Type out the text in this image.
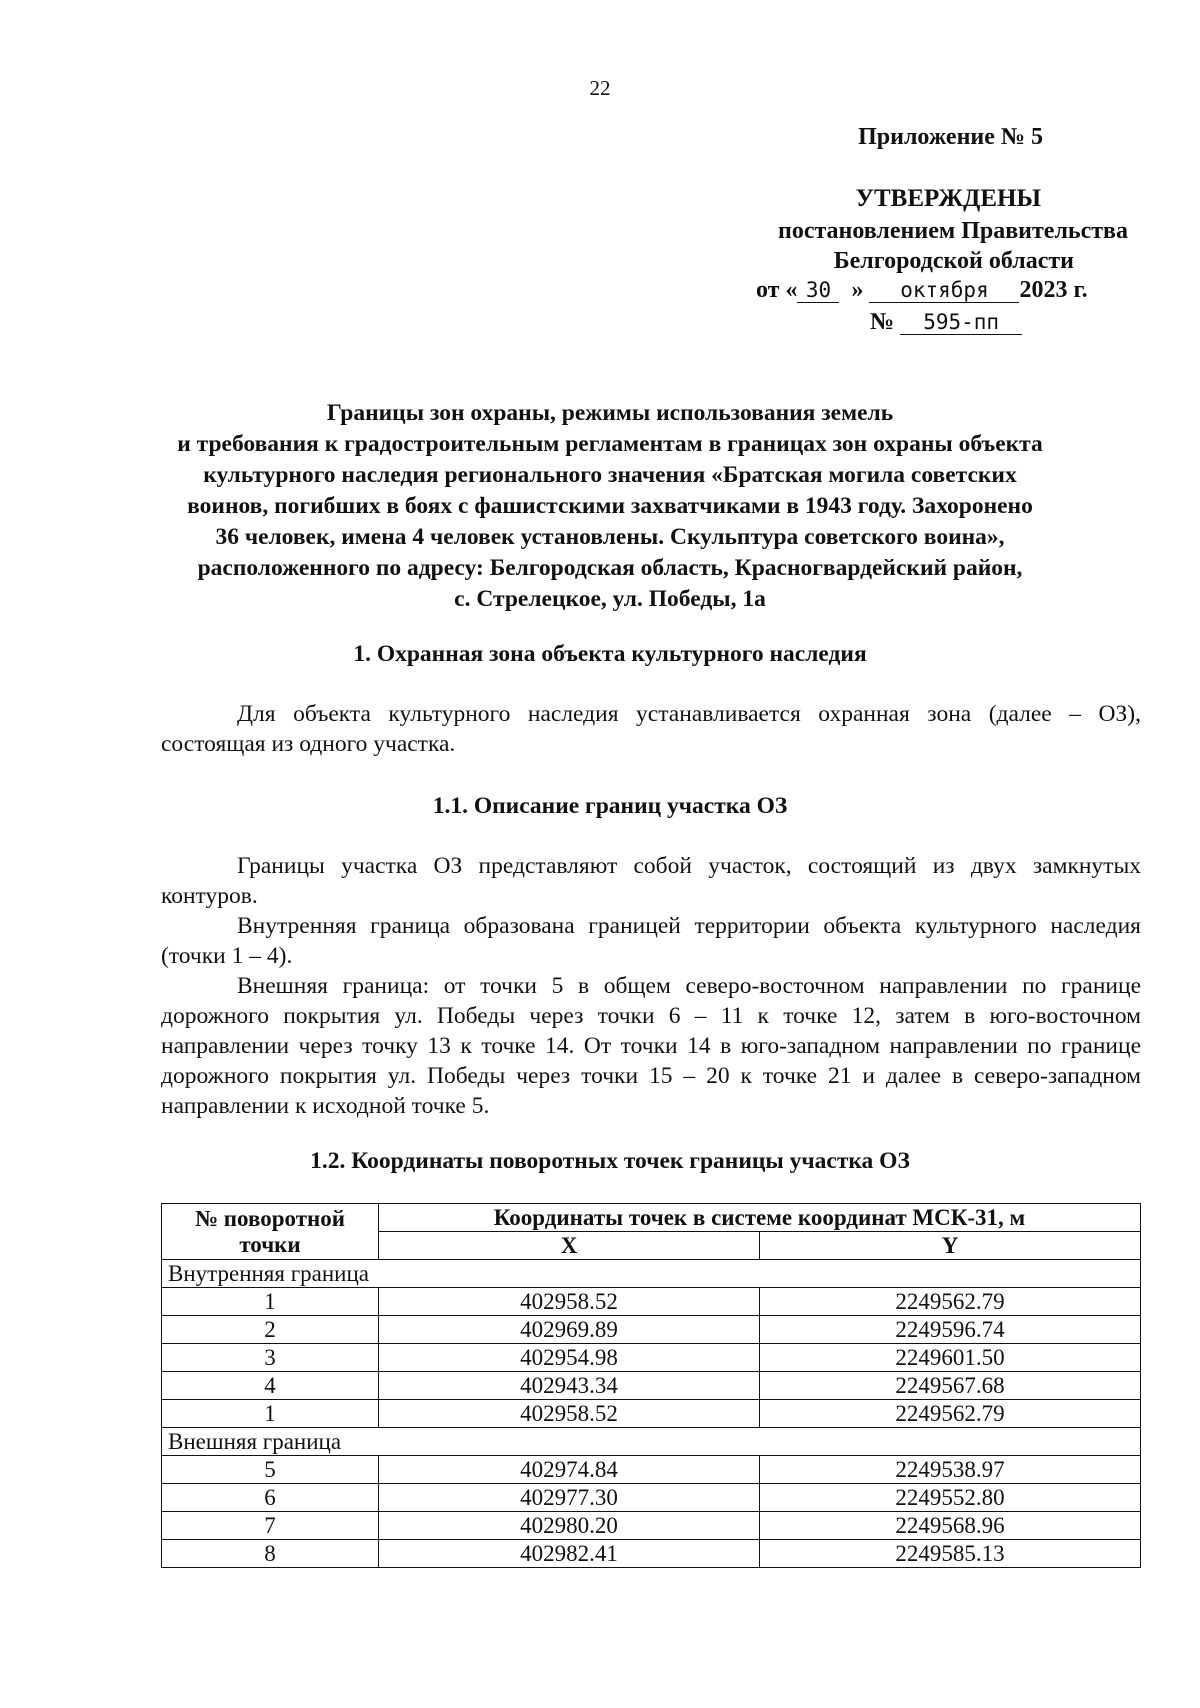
22
Приложение № 5
УТВЕРЖДЕНЫ
постановлением Правительства
Белгородской области
от « 30 » октября 2023 г.
№ 595-пп
Границы зон охраны, режимы использования земель
и требования к градостроительным регламентам в границах зон охраны объекта
культурного наследия регионального значения «Братская могила советских
воинов, погибших в боях с фашистскими захватчиками в 1943 году. Захоронено
36 человек, имена 4 человек установлены. Скульптура советского воина»,
расположенного по адресу: Белгородская область, Красногвардейский район,
с. Стрелецкое, ул. Победы, 1а
1. Охранная зона объекта культурного наследия

Для объекта культурного наследия устанавливается охранная зона (далее – ОЗ), состоящая из одного участка.

1.1. Описание границ участка ОЗ

Границы участка ОЗ представляют собой участок, состоящий из двух замкнутых контуров.

Внутренняя граница образована границей территории объекта культурного наследия (точки 1 – 4).

Внешняя граница: от точки 5 в общем северо-восточном направлении по границе дорожного покрытия ул. Победы через точки 6 – 11 к точке 12, затем в юго-восточном направлении через точку 13 к точке 14. От точки 14 в юго-западном направлении по границе дорожного покрытия ул. Победы через точки 15 – 20 к точке 21 и далее в северо-западном направлении к исходной точке 5.

1.2. Координаты поворотных точек границы участка ОЗ
№ поворотной точки	Координаты точек в системе координат МСК-31, м	
	X	Y
Внутренняя граница		
1	402958.52	2249562.79
2	402969.89	2249596.74
3	402954.98	2249601.50
4	402943.34	2249567.68
1	402958.52	2249562.79
Внешняя граница		
5	402974.84	2249538.97
6	402977.30	2249552.80
7	402980.20	2249568.96
8	402982.41	2249585.13
